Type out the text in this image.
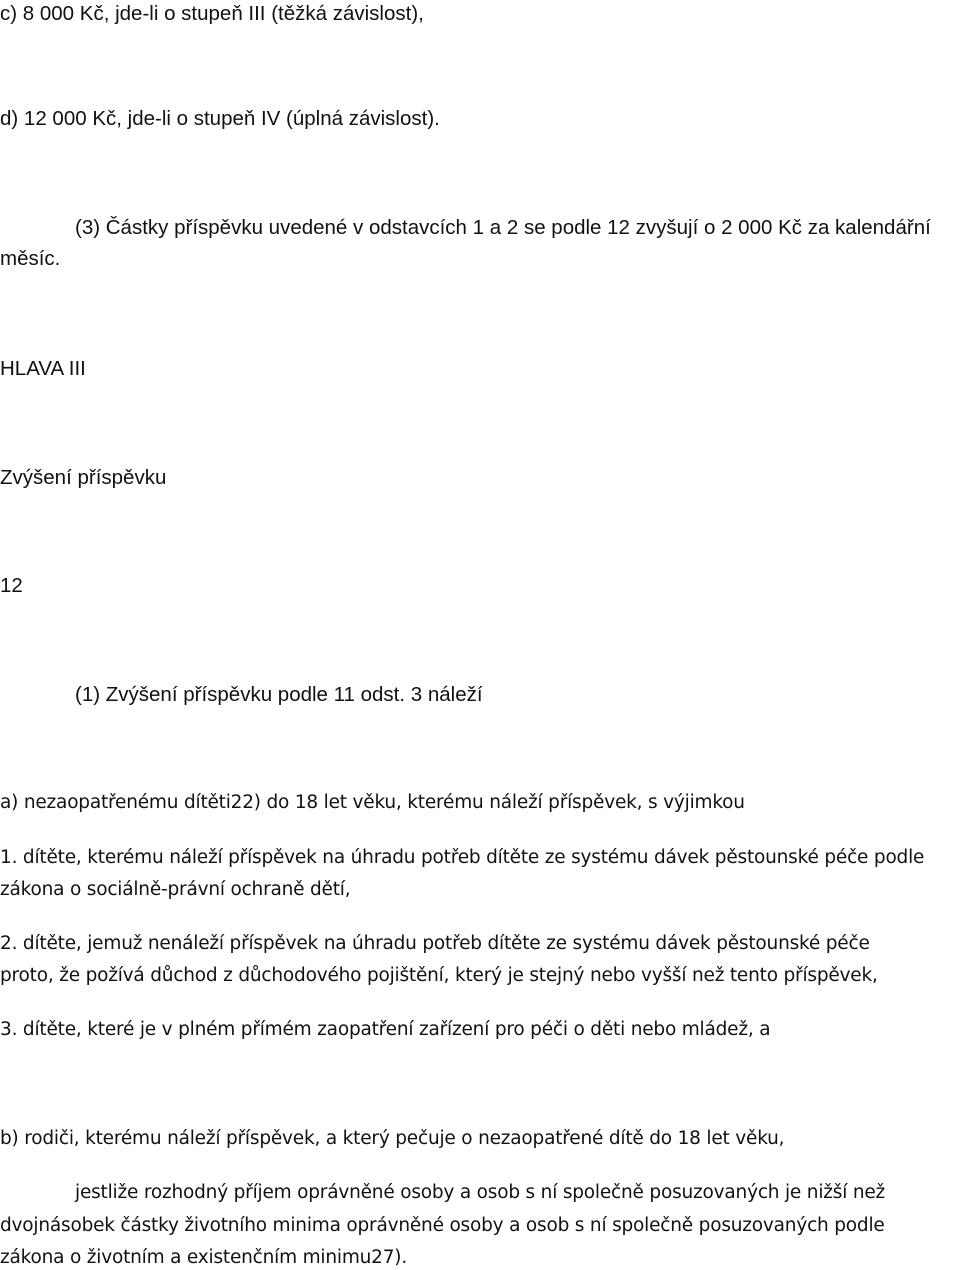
c) 8 000 Kč, jde-li o stupeň III (těžká závislost),
d) 12 000 Kč, jde-li o stupeň IV (úplná závislost).
(3) Částky příspěvku uvedené v odstavcích 1 a 2 se podle 12 zvyšují o 2 000 Kč za kalendářní
měsíc.
HLAVA III
Zvýšení příspěvku
12
(1) Zvýšení příspěvku podle 11 odst. 3 náleží
a) nezaopatřenému dítěti22) do 18 let věku, kterému náleží příspěvek, s výjimkou
1. dítěte, kterému náleží příspěvek na úhradu potřeb dítěte ze systému dávek pěstounské péče podle
zákona o sociálně-právní ochraně dětí,
2. dítěte, jemuž nenáleží příspěvek na úhradu potřeb dítěte ze systému dávek pěstounské péče
proto, že požívá důchod z důchodového pojištění, který je stejný nebo vyšší než tento příspěvek,
3. dítěte, které je v plném přímém zaopatření zařízení pro péči o děti nebo mládež, a
b) rodiči, kterému náleží příspěvek, a který pečuje o nezaopatřené dítě do 18 let věku,
jestliže rozhodný příjem oprávněné osoby a osob s ní společně posuzovaných je nižší než
dvojnásobek částky životního minima oprávněné osoby a osob s ní společně posuzovaných podle
zákona o životním a existenčním minimu27).
